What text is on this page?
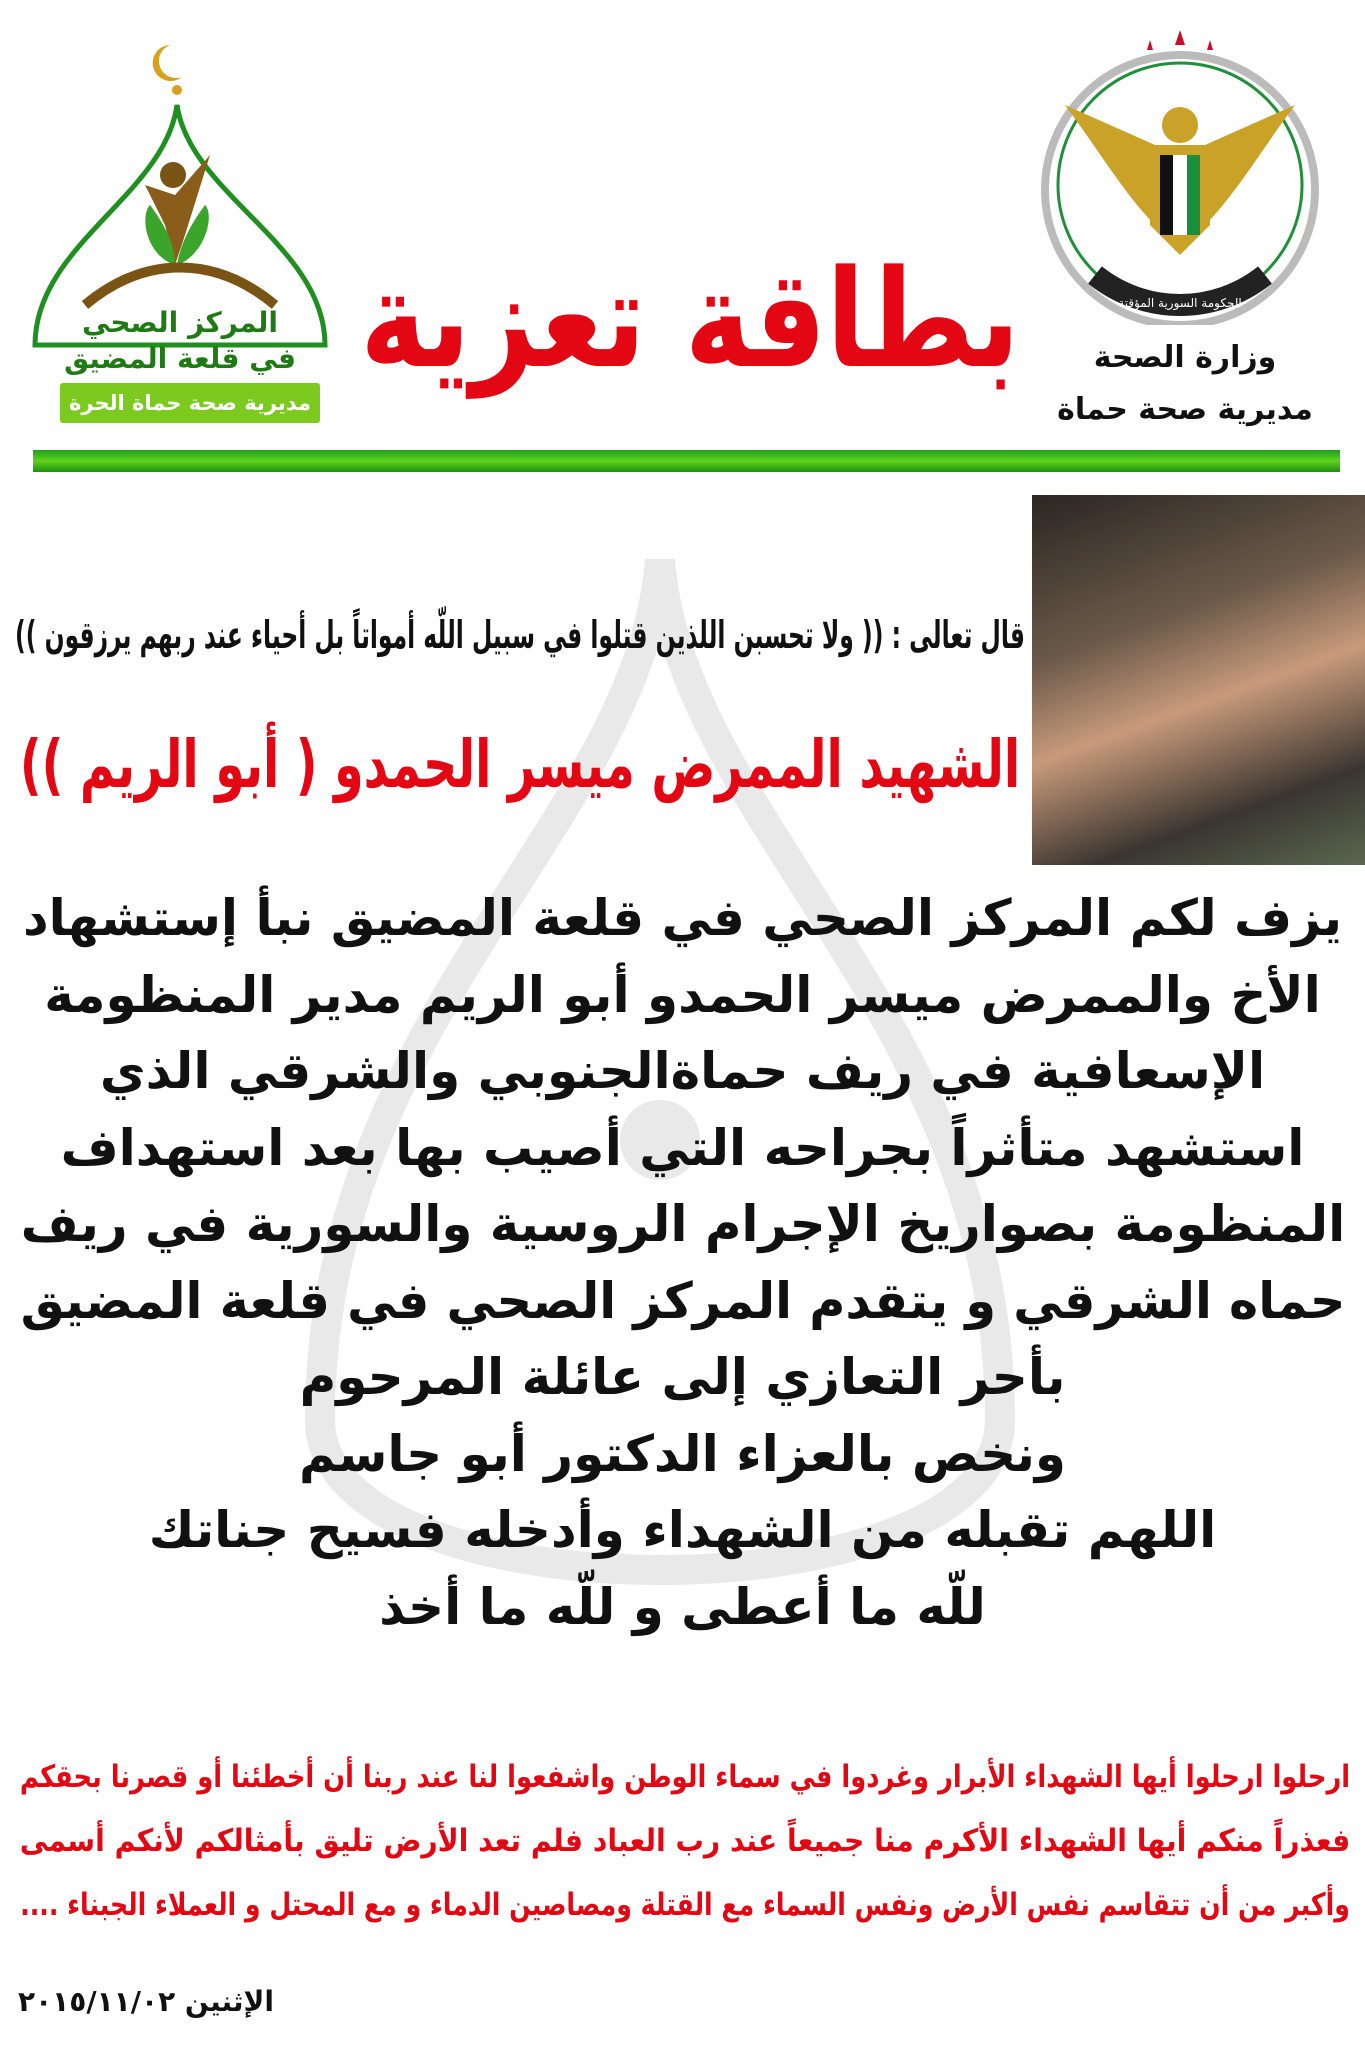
المركز الصحي
في قلعة المضيق
مديرية صحة حماة الحرة
الحكومة السورية المؤقتة
وزارة الصحة
مديرية صحة حماة
بطاقة تعزية
قال تعالى : (( ولا تحسبن اللذين قتلوا في سبيل اللّه أمواتاً بل أحياء عند ربهم يرزقون ))
الشهيد الممرض ميسر الحمدو ( أبو الريم ))
يزف لكم المركز الصحي في قلعة المضيق نبأ إستشهاد
الأخ والممرض ميسر الحمدو أبو الريم مدير المنظومة
الإسعافية في ريف حماةالجنوبي والشرقي الذي
استشهد متأثراً بجراحه التي أصيب بها بعد استهداف
المنظومة بصواريخ الإجرام الروسية والسورية في ريف
حماه الشرقي و يتقدم المركز الصحي في قلعة المضيق
بأحر التعازي إلى عائلة المرحوم
ونخص بالعزاء الدكتور أبو جاسم
اللهم تقبله من الشهداء وأدخله فسيح جناتك
للّه ما أعطى و للّه ما أخذ
ارحلوا ارحلوا أيها الشهداء الأبرار وغردوا في سماء الوطن واشفعوا لنا عند ربنا أن أخطئنا أو قصرنا بحقكم
فعذراً منكم أيها الشهداء الأكرم منا جميعاً عند رب العباد فلم تعد الأرض تليق بأمثالكم لأنكم أسمى
وأكبر من أن تتقاسم نفس الأرض ونفس السماء مع القتلة ومصاصين الدماء و مع المحتل و العملاء الجبناء ....
الإثنين ٢٠١٥/١١/٠٢
